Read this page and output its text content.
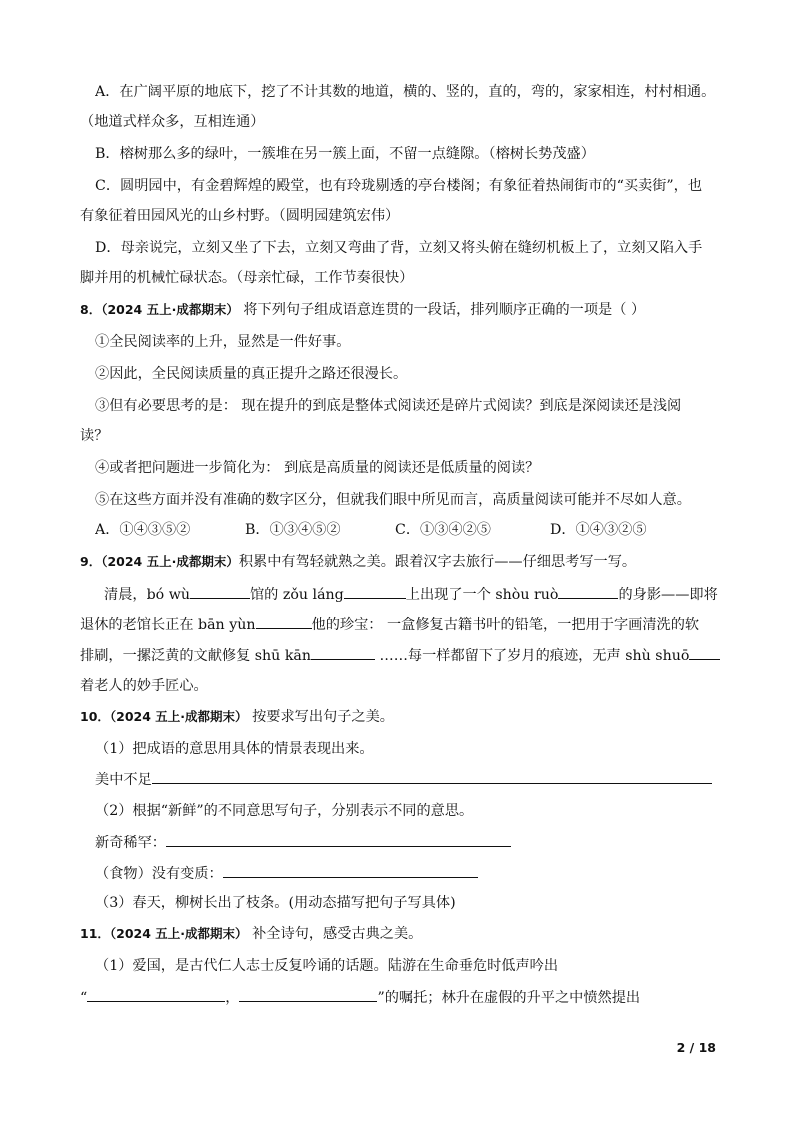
A．在广阔平原的地底下，挖了不计其数的地道，横的、竖的，直的，弯的，家家相连，村村相通。
（地道式样众多，互相连通）
B．榕树那么多的绿叶，一簇堆在另一簇上面，不留一点缝隙。（榕树长势茂盛）
C．圆明园中，有金碧辉煌的殿堂，也有玲珑剔透的亭台楼阁；有象征着热闹街市的“买卖街”，也
有象征着田园风光的山乡村野。（圆明园建筑宏伟）
D．母亲说完，立刻又坐了下去，立刻又弯曲了背，立刻又将头俯在缝纫机板上了，立刻又陷入手
脚并用的机械忙碌状态。（母亲忙碌，工作节奏很快）
8．（2024 五上·成都期末） 将下列句子组成语意连贯的一段话，排列顺序正确的一项是（ ）
①全民阅读率的上升，显然是一件好事。
②因此，全民阅读质量的真正提升之路还很漫长。
③但有必要思考的是： 现在提升的到底是整体式阅读还是碎片式阅读？到底是深阅读还是浅阅
读？
④或者把问题进一步简化为： 到底是高质量的阅读还是低质量的阅读？
⑤在这些方面并没有准确的数字区分，但就我们眼中所见而言，高质量阅读可能并不尽如人意。
A．①④③⑤②	B．①③④⑤②	C．①③④②⑤	D．①④③②⑤
9．（2024 五上·成都期末）积累中有驾轻就熟之美。跟着汉字去旅行——仔细思考写一写。
清晨，bó wù	馆的 zǒu láng	上出现了一个 shòu ruò	的身影——即将
退休的老馆长正在 bān yùn	他的珍宝： 一盒修复古籍书叶的铅笔，一把用于字画清洗的软
排刷，一摞泛黄的文献修复 shū kān	……每一样都留下了岁月的痕迹，无声 shù shuō
着老人的妙手匠心。
10．（2024 五上·成都期末） 按要求写出句子之美。
（1）把成语的意思用具体的情景表现出来。
美中不足
（2）根据“新鲜”的不同意思写句子，分别表示不同的意思。
新奇稀罕：
（食物）没有变质：
（3）春天，柳树长出了枝条。(用动态描写把句子写具体)
11．（2024 五上·成都期末） 补全诗句，感受古典之美。
（1）爱国，是古代仁人志士反复吟诵的话题。陆游在生命垂危时低声吟出
“	，	”的嘱托；林升在虚假的升平之中愤然提出
2 / 18
